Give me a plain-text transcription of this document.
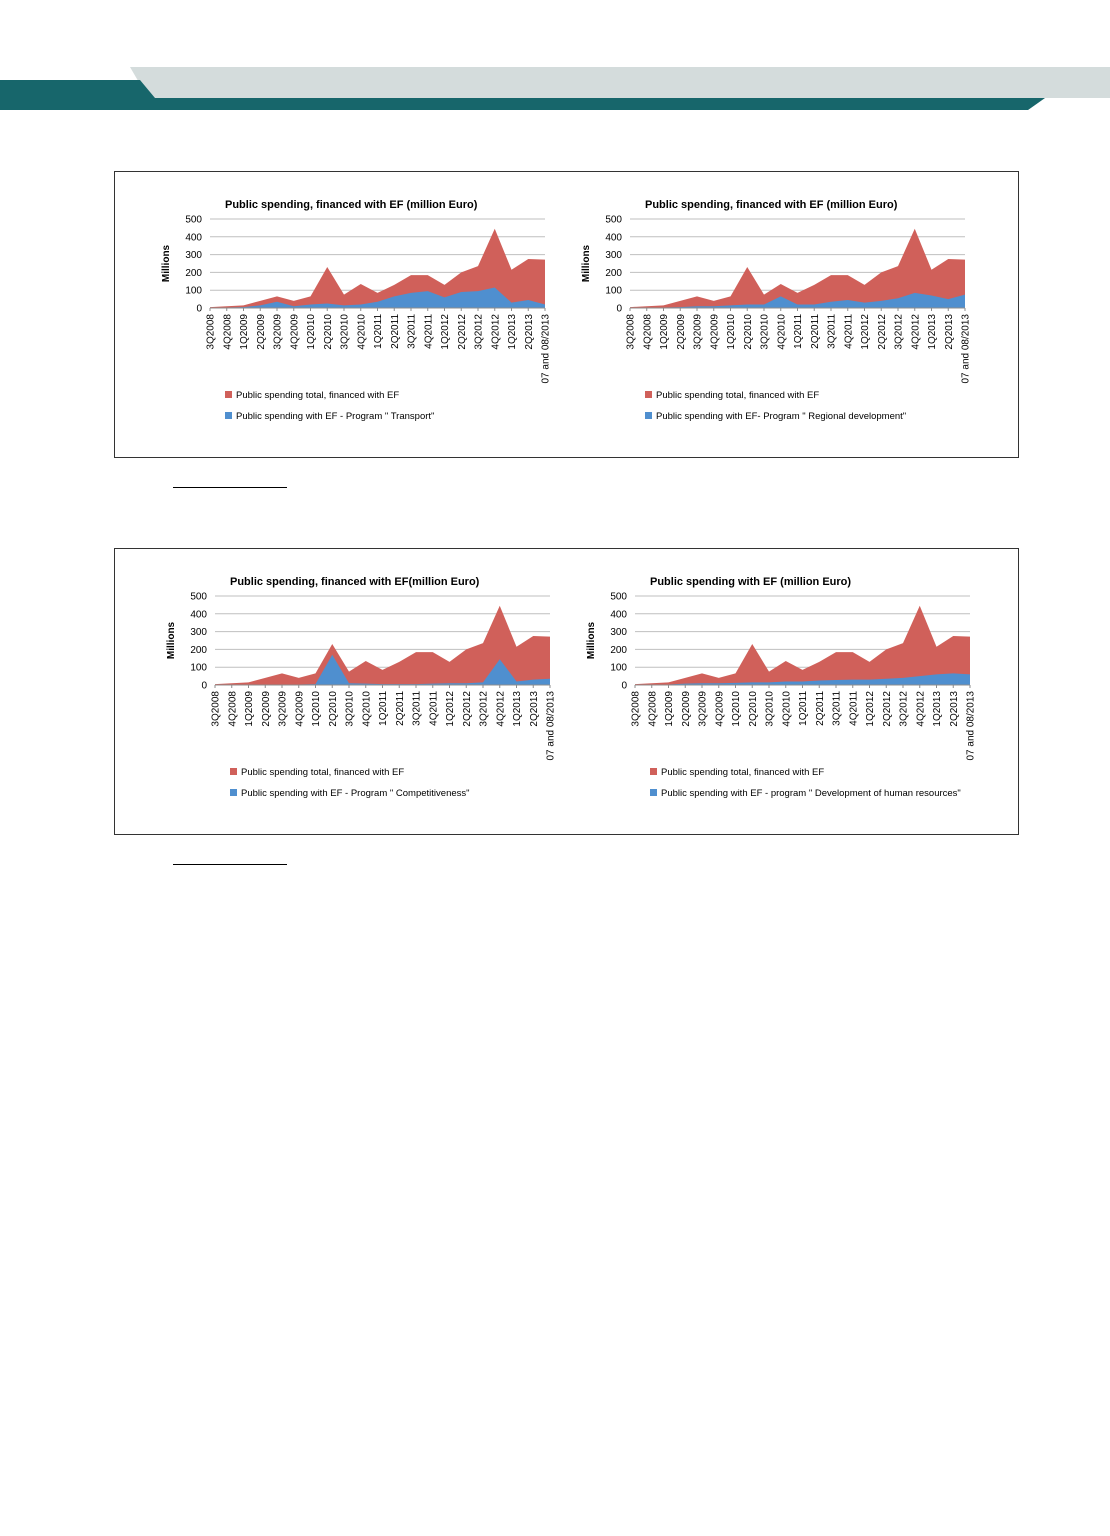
Public spending, financed with EF (million Euro)
Millions
0
100
200
300
400
500
3Q2008 4Q2008 1Q2009 2Q2009 3Q2009 4Q2009 1Q2010 2Q2010 3Q2010 4Q2010 1Q2011 2Q2011 3Q2011 4Q2011 1Q2012 2Q2012 3Q2012 4Q2012 1Q2013 2Q2013 07 and 08/2013
Public spending total, financed with EF
Public spending with EF - Program " Transport"
Public spending, financed with EF (million Euro)
Millions
0
100
200
300
400
500
3Q2008 4Q2008 1Q2009 2Q2009 3Q2009 4Q2009 1Q2010 2Q2010 3Q2010 4Q2010 1Q2011 2Q2011 3Q2011 4Q2011 1Q2012 2Q2012 3Q2012 4Q2012 1Q2013 2Q2013 07 and 08/2013
Public spending total, financed with EF
Public spending with EF- Program " Regional development"
Public spending, financed with EF(million Euro)
Millions
0
100
200
300
400
500
3Q2008 4Q2008 1Q2009 2Q2009 3Q2009 4Q2009 1Q2010 2Q2010 3Q2010 4Q2010 1Q2011 2Q2011 3Q2011 4Q2011 1Q2012 2Q2012 3Q2012 4Q2012 1Q2013 2Q2013 07 and 08/2013
Public spending total, financed with EF
Public spending with EF - Program " Competitiveness"
Public spending with EF (million Euro)
Millions
0
100
200
300
400
500
3Q2008 4Q2008 1Q2009 2Q2009 3Q2009 4Q2009 1Q2010 2Q2010 3Q2010 4Q2010 1Q2011 2Q2011 3Q2011 4Q2011 1Q2012 2Q2012 3Q2012 4Q2012 1Q2013 2Q2013 07 and 08/2013
Public spending total, financed with EF
Public spending with EF - program " Development of human resources"
